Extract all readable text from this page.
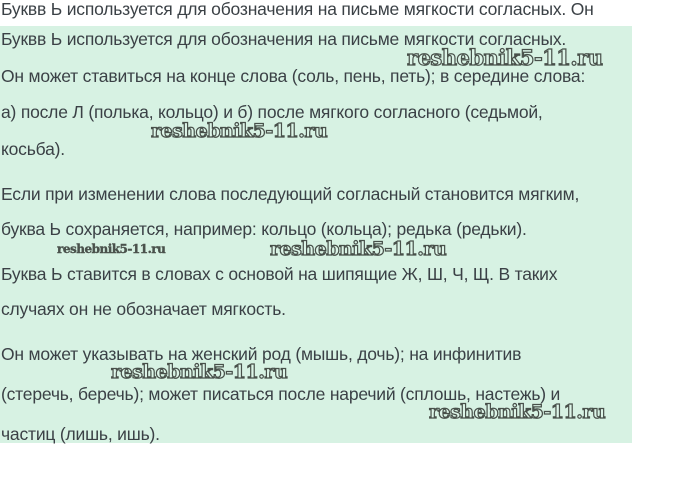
Буквв Ь используется для обозначения на письме мягкости согласных. Он
Буквв Ь используется для обозначения на письме мягкости согласных.
Он может ставиться на конце слова (соль, пень, петь); в середине слова:
а) после Л (полька, кольцо) и б) после мягкого согласного (седьмой,
косьба).
Если при изменении слова последующий согласный становится мягким,
буква Ь сохраняется, например: кольцо (кольца); редька (редьки).
Буква Ь ставится в словах с основой на шипящие Ж, Ш, Ч, Щ. В таких
случаях он не обозначает мягкость.
Он может указывать на женский род (мышь, дочь); на инфинитив
(стеречь, беречь); может писаться после наречий (сплошь, настежь) и
частиц (лишь, ишь).
reshebnik5-11.ru
reshebnik5-11.ru
reshebnik5-11.ru	reshebnik5-11.ru
reshebnik5-11.ru
reshebnik5-11.ru
